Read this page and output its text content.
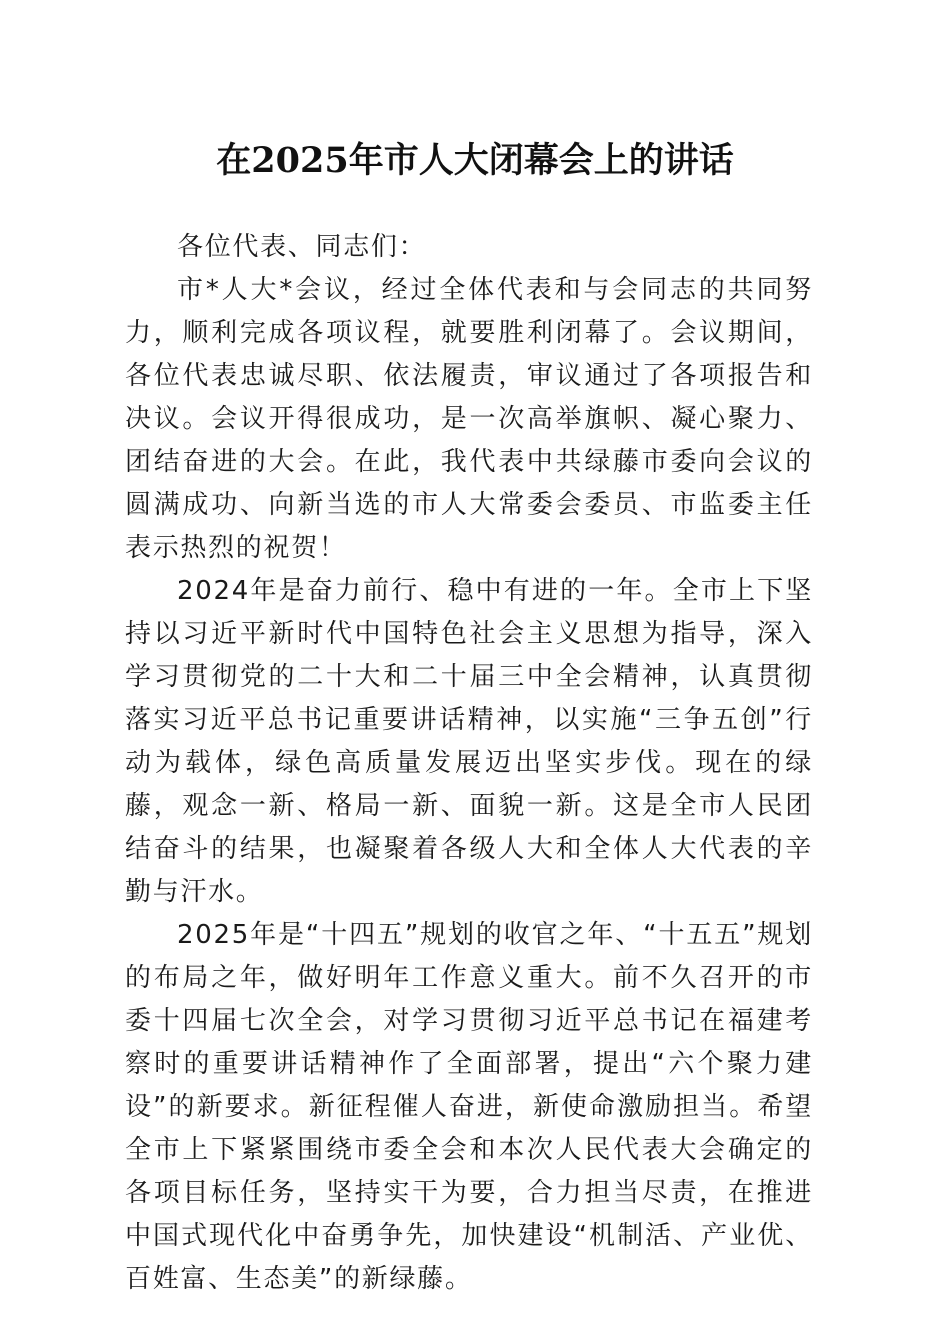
在2025年市人大闭幕会上的讲话

各位代表、同志们：

市*人大*会议，经过全体代表和与会同志的共同努力，顺利完成各项议程，就要胜利闭幕了。会议期间，各位代表忠诚尽职、依法履责，审议通过了各项报告和决议。会议开得很成功，是一次高举旗帜、凝心聚力、团结奋进的大会。在此，我代表中共绿藤市委向会议的圆满成功、向新当选的市人大常委会委员、市监委主任表示热烈的祝贺！

2024年是奋力前行、稳中有进的一年。全市上下坚持以习近平新时代中国特色社会主义思想为指导，深入学习贯彻党的二十大和二十届三中全会精神，认真贯彻落实习近平总书记重要讲话精神，以实施“三争五创”行动为载体，绿色高质量发展迈出坚实步伐。现在的绿藤，观念一新、格局一新、面貌一新。这是全市人民团结奋斗的结果，也凝聚着各级人大和全体人大代表的辛勤与汗水。

2025年是“十四五”规划的收官之年、“十五五”规划的布局之年，做好明年工作意义重大。前不久召开的市委十四届七次全会，对学习贯彻习近平总书记在福建考察时的重要讲话精神作了全面部署，提出“六个聚力建设”的新要求。新征程催人奋进，新使命激励担当。希望全市上下紧紧围绕市委全会和本次人民代表大会确定的各项目标任务，坚持实干为要，合力担当尽责，在推进中国式现代化中奋勇争先，加快建设“机制活、产业优、百姓富、生态美”的新绿藤。
